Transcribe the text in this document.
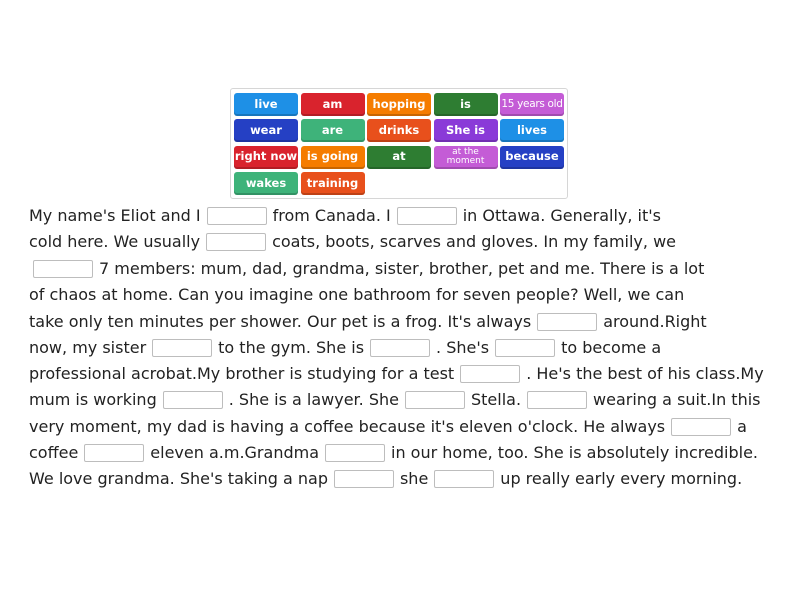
live	am	hopping	is	15 years old
wear	are	drinks	She is	lives
right now is going	at	at the moment	because
wakes	training
My name's Eliot and I	from Canada. I	in Ottawa. Generally, it's
cold here. We usually	coats, boots, scarves and gloves. In my family, we
7 members: mum, dad, grandma, sister, brother, pet and me. There is a lot
of chaos at home. Can you imagine one bathroom for seven people? Well, we can
take only ten minutes per shower. Our pet is a frog. It's always	around.Right
now, my sister	to the gym. She is	. She's	to become a
professional acrobat.My brother is studying for a test	. He's the best of his class.My
mum is working	. She is a lawyer. She	Stella.	wearing a suit.In this
very moment, my dad is having a coffee because it's eleven o'clock. He always	a
coffee	eleven a.m.Grandma	in our home, too. She is absolutely incredible.
We love grandma. She's taking a nap	she	up really early every morning.
